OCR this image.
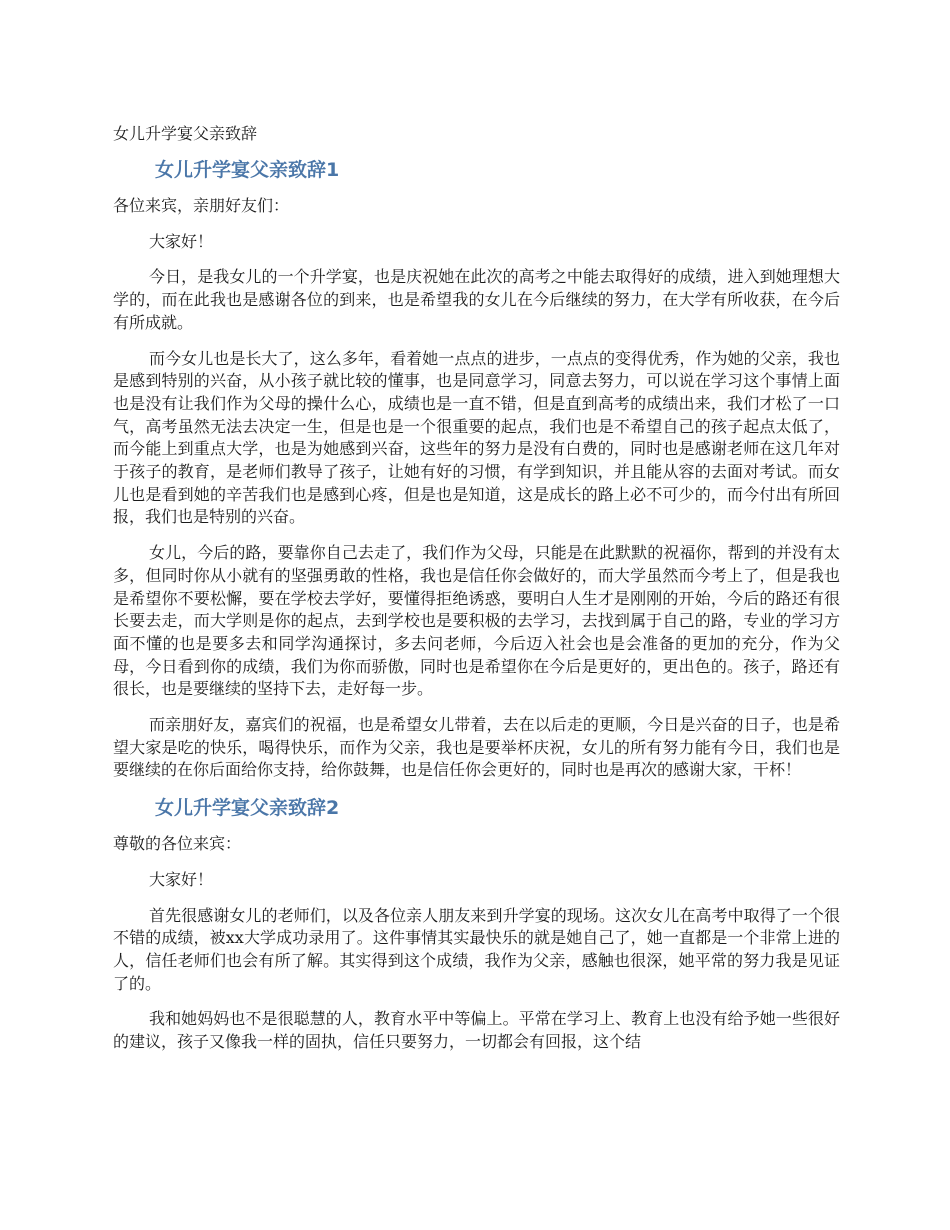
女儿升学宴父亲致辞
女儿升学宴父亲致辞1

各位来宾，亲朋好友们：

大家好！

今日，是我女儿的一个升学宴，也是庆祝她在此次的高考之中能去取得好的成绩，进入到她理想大学的，而在此我也是感谢各位的到来，也是希望我的女儿在今后继续的努力，在大学有所收获，在今后有所成就。

而今女儿也是长大了，这么多年，看着她一点点的进步，一点点的变得优秀，作为她的父亲，我也是感到特别的兴奋，从小孩子就比较的懂事，也是同意学习，同意去努力，可以说在学习这个事情上面也是没有让我们作为父母的操什么心，成绩也是一直不错，但是直到高考的成绩出来，我们才松了一口气，高考虽然无法去决定一生，但是也是一个很重要的起点，我们也是不希望自己的孩子起点太低了，而今能上到重点大学，也是为她感到兴奋，这些年的努力是没有白费的，同时也是感谢老师在这几年对于孩子的教育，是老师们教导了孩子，让她有好的习惯，有学到知识，并且能从容的去面对考试。而女儿也是看到她的辛苦我们也是感到心疼，但是也是知道，这是成长的路上必不可少的，而今付出有所回报，我们也是特别的兴奋。

女儿，今后的路，要靠你自己去走了，我们作为父母，只能是在此默默的祝福你，帮到的并没有太多，但同时你从小就有的坚强勇敢的性格，我也是信任你会做好的，而大学虽然而今考上了，但是我也是希望你不要松懈，要在学校去学好，要懂得拒绝诱惑，要明白人生才是刚刚的开始，今后的路还有很长要去走，而大学则是你的起点，去到学校也是要积极的去学习，去找到属于自己的路，专业的学习方面不懂的也是要多去和同学沟通探讨，多去问老师，今后迈入社会也是会准备的更加的充分，作为父母，今日看到你的成绩，我们为你而骄傲，同时也是希望你在今后是更好的，更出色的。孩子，路还有很长，也是要继续的坚持下去，走好每一步。

而亲朋好友，嘉宾们的祝福，也是希望女儿带着，去在以后走的更顺，今日是兴奋的日子，也是希望大家是吃的快乐，喝得快乐，而作为父亲，我也是要举杯庆祝，女儿的所有努力能有今日，我们也是要继续的在你后面给你支持，给你鼓舞，也是信任你会更好的，同时也是再次的感谢大家，干杯！

女儿升学宴父亲致辞2

尊敬的各位来宾：

大家好！

首先很感谢女儿的老师们，以及各位亲人朋友来到升学宴的现场。这次女儿在高考中取得了一个很不错的成绩，被xx大学成功录用了。这件事情其实最快乐的就是她自己了，她一直都是一个非常上进的人，信任老师们也会有所了解。其实得到这个成绩，我作为父亲，感触也很深，她平常的努力我是见证了的。

我和她妈妈也不是很聪慧的人，教育水平中等偏上。平常在学习上、教育上也没有给予她一些很好的建议，孩子又像我一样的固执，信任只要努力，一切都会有回报，这个结
